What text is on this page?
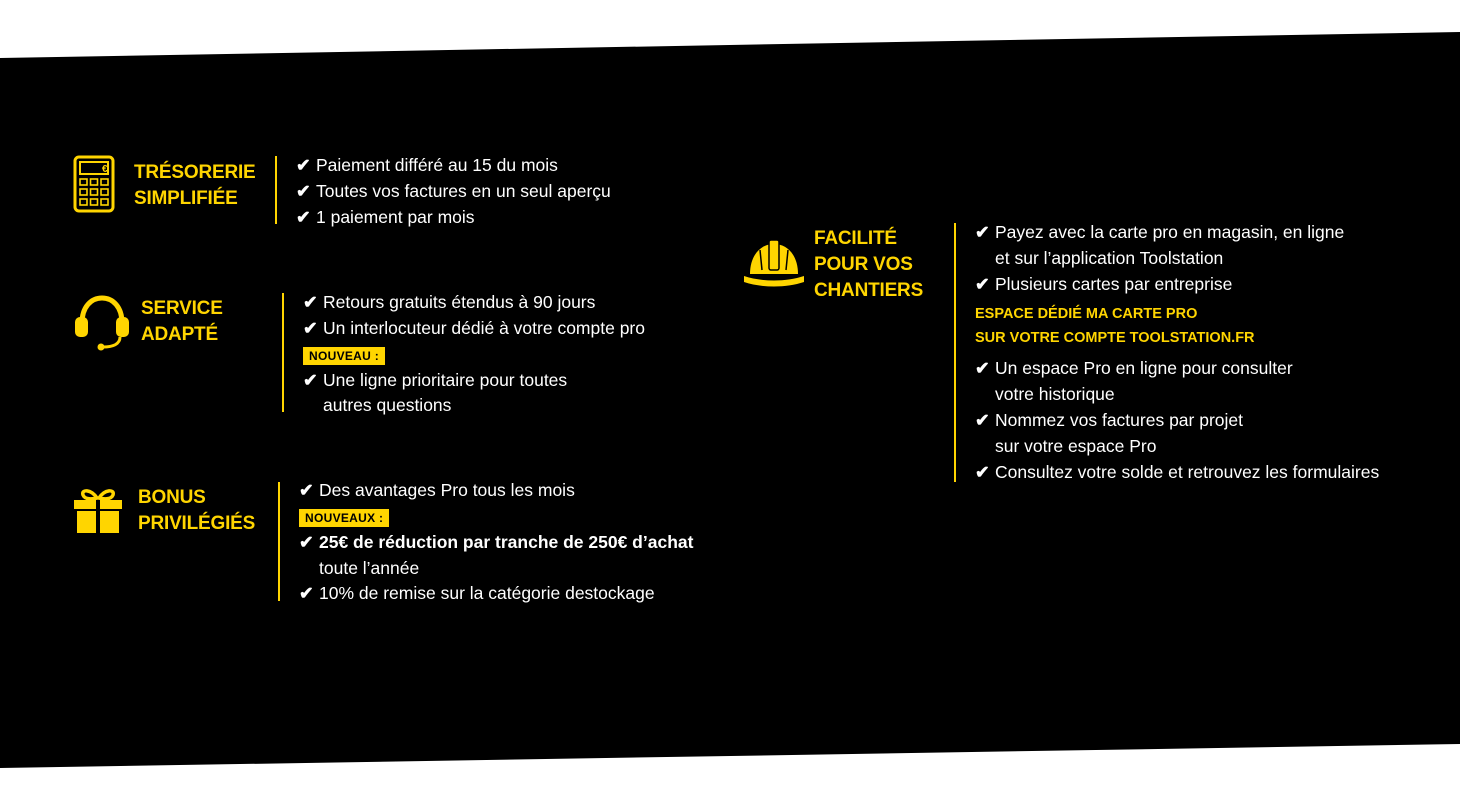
€ TRÉSORERIE
SIMPLIFIÉE
✔ Paiement différé au 15 du mois
✔ Toutes vos factures en un seul aperçu
✔ 1 paiement par mois
SERVICE
ADAPTÉ
✔ Retours gratuits étendus à 90 jours
✔ Un interlocuteur dédié à votre compte pro
NOUVEAU :
✔ Une ligne prioritaire pour toutes
autres questions
BONUS
PRIVILÉGIÉS
✔ Des avantages Pro tous les mois
NOUVEAUX :
✔ 25€ de réduction par tranche de 250€ d’achat
toute l’année
✔ 10% de remise sur la catégorie destockage
FACILITÉ
POUR VOS
CHANTIERS
✔ Payez avec la carte pro en magasin, en ligne
et sur l’application Toolstation
✔ Plusieurs cartes par entreprise
ESPACE DÉDIÉ MA CARTE PRO
SUR VOTRE COMPTE TOOLSTATION.FR
✔ Un espace Pro en ligne pour consulter
votre historique
✔ Nommez vos factures par projet
sur votre espace Pro
✔ Consultez votre solde et retrouvez les formulaires
